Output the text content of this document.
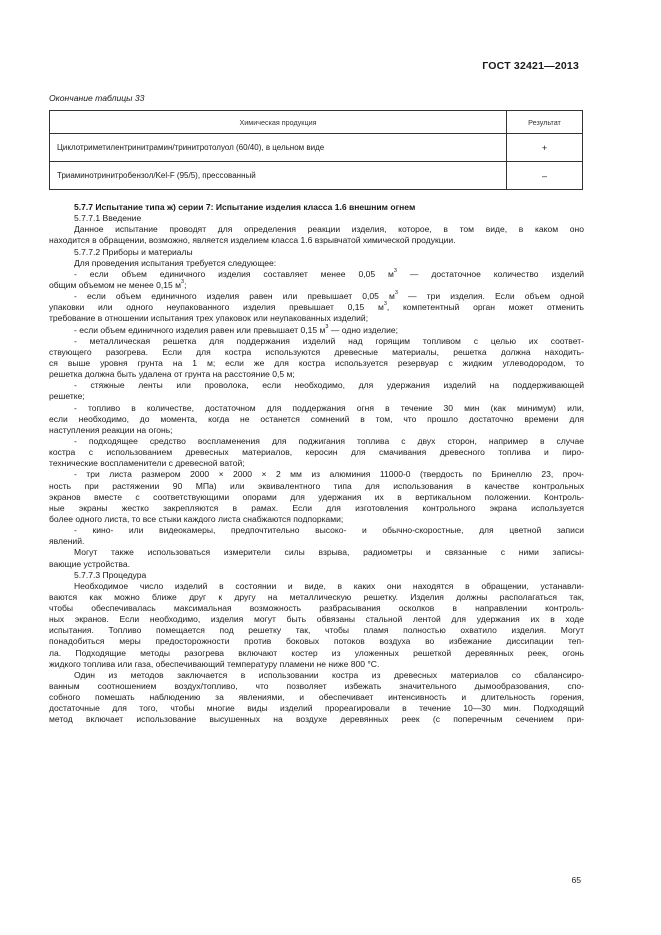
ГОСТ 32421—2013
Окончание таблицы 33
Химическая продукция	Результат
Циклотриметилентринитрамин/тринитротолуол (60/40), в цельном виде	+
Триаминотринитробензол/Kel-F (95/5), прессованный	–
5.7.7 Испытание типа ж) серии 7: Испытание изделия класса 1.6 внешним огнем
5.7.7.1 Введение
Данное испытание проводят для определения реакции изделия, которое, в том виде, в каком оно
находится в обращении, возможно, является изделием класса 1.6 взрывчатой химической продукции.
5.7.7.2 Приборы и материалы
Для проведения испытания требуется следующее:
- если объем единичного изделия составляет менее 0,05 $м^3$ — достаточное количество изделий
общим объемом не менее 0,15 $м^3$;
- если объем единичного изделия равен или превышает 0,05 $м^3$ — три изделия. Если объем одной
упаковки или одного неупакованного изделия превышает 0,15 $м^3$, компетентный орган может отменить
требование в отношении испытания трех упаковок или неупакованных изделий;
- если объем единичного изделия равен или превышает 0,15 $м^3$ — одно изделие;
- металлическая решетка для поддержания изделий над горящим топливом с целью их соответ-
ствующего разогрева. Если для костра используются древесные материалы, решетка должна находить-
ся выше уровня грунта на 1 м; если же для костра используется резервуар с жидким углеводородом, то
решетка должна быть удалена от грунта на расстояние 0,5 м;
- стяжные ленты или проволока, если необходимо, для удержания изделий на поддерживающей
решетке;
- топливо в количестве, достаточном для поддержания огня в течение 30 мин (как минимум) или,
если необходимо, до момента, когда не останется сомнений в том, что прошло достаточно времени для
наступления реакции на огонь;
- подходящее средство воспламенения для поджигания топлива с двух сторон, например в случае
костра с использованием древесных материалов, керосин для смачивания древесного топлива и пиро-
технические воспламенители с древесной ватой;
- три листа размером 2000 × 2000 × 2 мм из алюминия 11000-0 (твердость по Бринеллю 23, проч-
ность при растяжении 90 МПа) или эквивалентного типа для использования в качестве контрольных
экранов вместе с соответствующими опорами для удержания их в вертикальном положении. Контроль-
ные экраны жестко закрепляются в рамах. Если для изготовления контрольного экрана используется
более одного листа, то все стыки каждого листа снабжаются подпорками;
- кино- или видеокамеры, предпочтительно высоко- и обычно-скоростные, для цветной записи
явлений.
Могут также использоваться измерители силы взрыва, радиометры и связанные с ними записы-
вающие устройства.
5.7.7.3 Процедура
Необходимое число изделий в состоянии и виде, в каких они находятся в обращении, устанавли-
ваются как можно ближе друг к другу на металлическую решетку. Изделия должны располагаться так,
чтобы обеспечивалась максимальная возможность разбрасывания осколков в направлении контроль-
ных экранов. Если необходимо, изделия могут быть обвязаны стальной лентой для удержания их в ходе
испытания. Топливо помещается под решетку так, чтобы пламя полностью охватило изделия. Могут
понадобиться меры предосторожности против боковых потоков воздуха во избежание диссипации теп-
ла. Подходящие методы разогрева включают костер из уложенных решеткой деревянных реек, огонь
жидкого топлива или газа, обеспечивающий температуру пламени не ниже 800 °С.
Один из методов заключается в использовании костра из древесных материалов со сбалансиро-
ванным соотношением воздух/топливо, что позволяет избежать значительного дымообразования, спо-
собного помешать наблюдению за явлениями, и обеспечивает интенсивность и длительность горения,
достаточные для того, чтобы многие виды изделий прореагировали в течение 10—30 мин. Подходящий
метод включает использование высушенных на воздухе деревянных реек (с поперечным сечением при-
65
